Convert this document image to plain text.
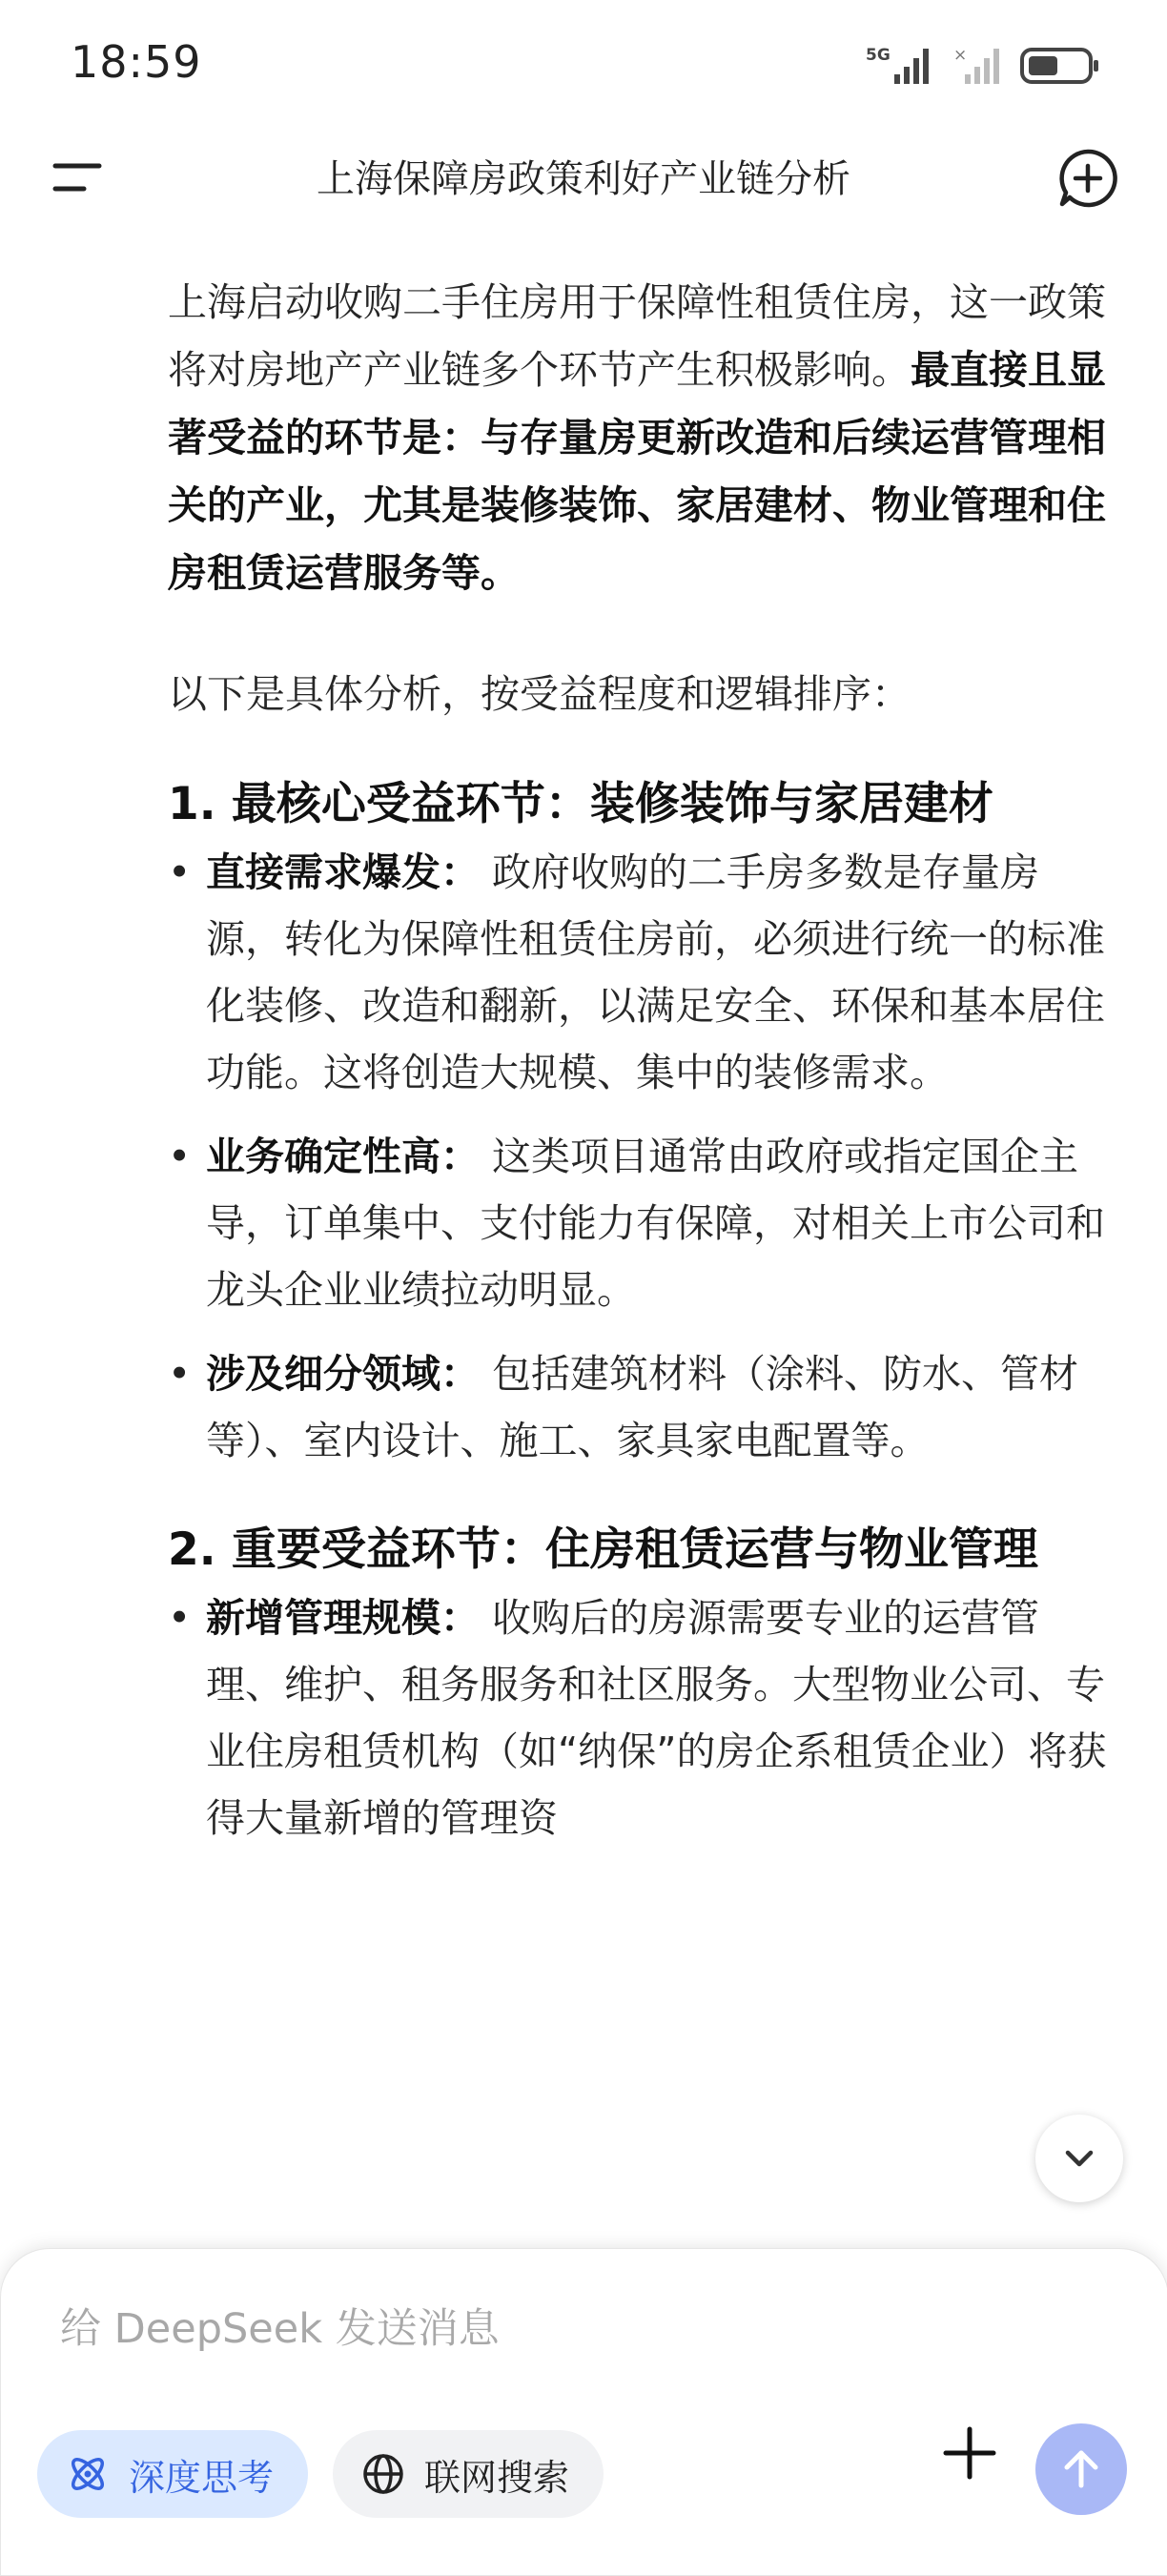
18:59	5G	×
上海保障房政策利好产业链分析

上海启动收购二手住房用于保障性租赁住房，这一政策将对房地产产业链多个环节产生积极影响。最直接且显著受益的环节是：与存量房更新改造和后续运营管理相关的产业，尤其是装修装饰、家居建材、物业管理和住房租赁运营服务等。

以下是具体分析，按受益程度和逻辑排序：

1. 最核心受益环节：装修装饰与家居建材
• 直接需求爆发： 政府收购的二手房多数是存量房源，转化为保障性租赁住房前，必须进行统一的标准化装修、改造和翻新，以满足安全、环保和基本居住功能。这将创造大规模、集中的装修需求。
• 业务确定性高： 这类项目通常由政府或指定国企主导，订单集中、支付能力有保障，对相关上市公司和龙头企业业绩拉动明显。
• 涉及细分领域： 包括建筑材料（涂料、防水、管材等）、室内设计、施工、家具家电配置等。
2. 重要受益环节：住房租赁运营与物业管理
• 新增管理规模： 收购后的房源需要专业的运营管理、维护、租务服务和社区服务。大型物业公司、专业住房租赁机构（如“纳保”的房企系租赁企业）将获得大量新增的管理资
给 DeepSeek 发送消息
深度思考	联网搜索
